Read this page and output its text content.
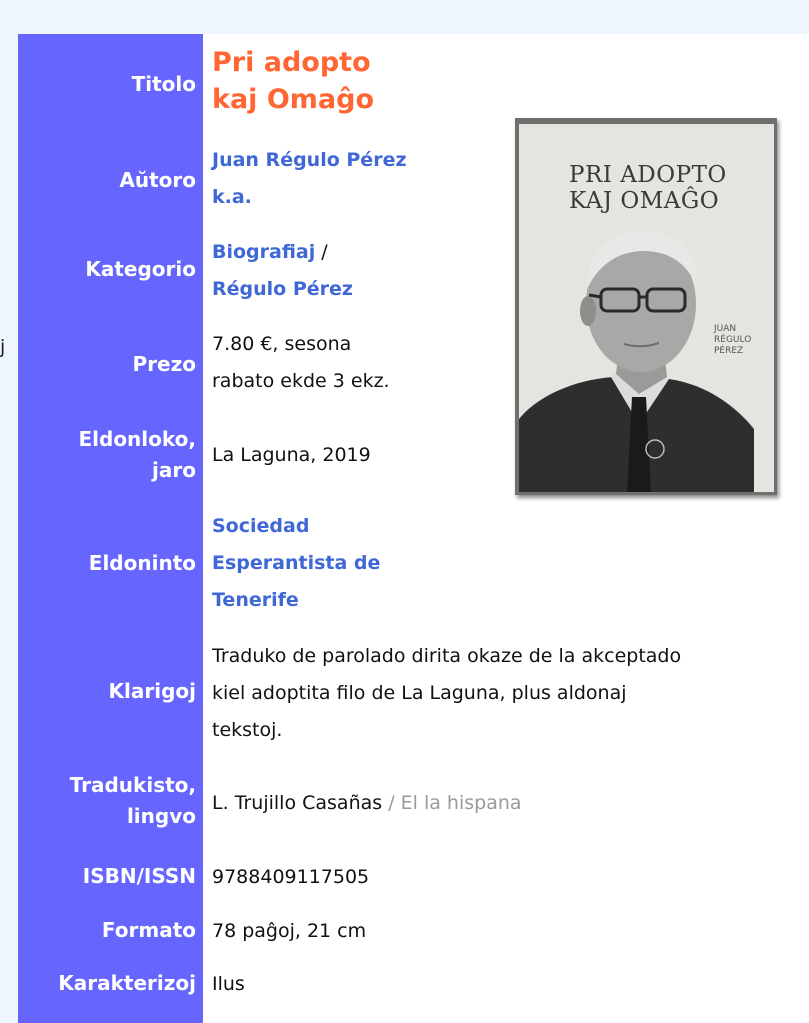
j
Titolo
Aŭtoro
Kategorio
Prezo
Eldonloko,
jaro
Eldoninto
Klarigoj
Tradukisto,
lingvo
ISBN/ISSN
Formato
Karakterizoj
Pri adopto
kaj Omaĝo
Juan Régulo Pérez
k.a.
Biografiaj /
Régulo Pérez
7.80 €, sesona
rabato ekde 3 ekz.
La Laguna, 2019
Sociedad
Esperantista de
Tenerife
Traduko de parolado dirita okaze de la akceptado
kiel adoptita filo de La Laguna, plus aldonaj
tekstoj.
L. Trujillo Casañas / El la hispana
9788409117505
78 paĝoj, 21 cm
Ilus
PRI ADOPTO
KAJ OMAĜO
JUAN
RÉGULO
PÉREZ
